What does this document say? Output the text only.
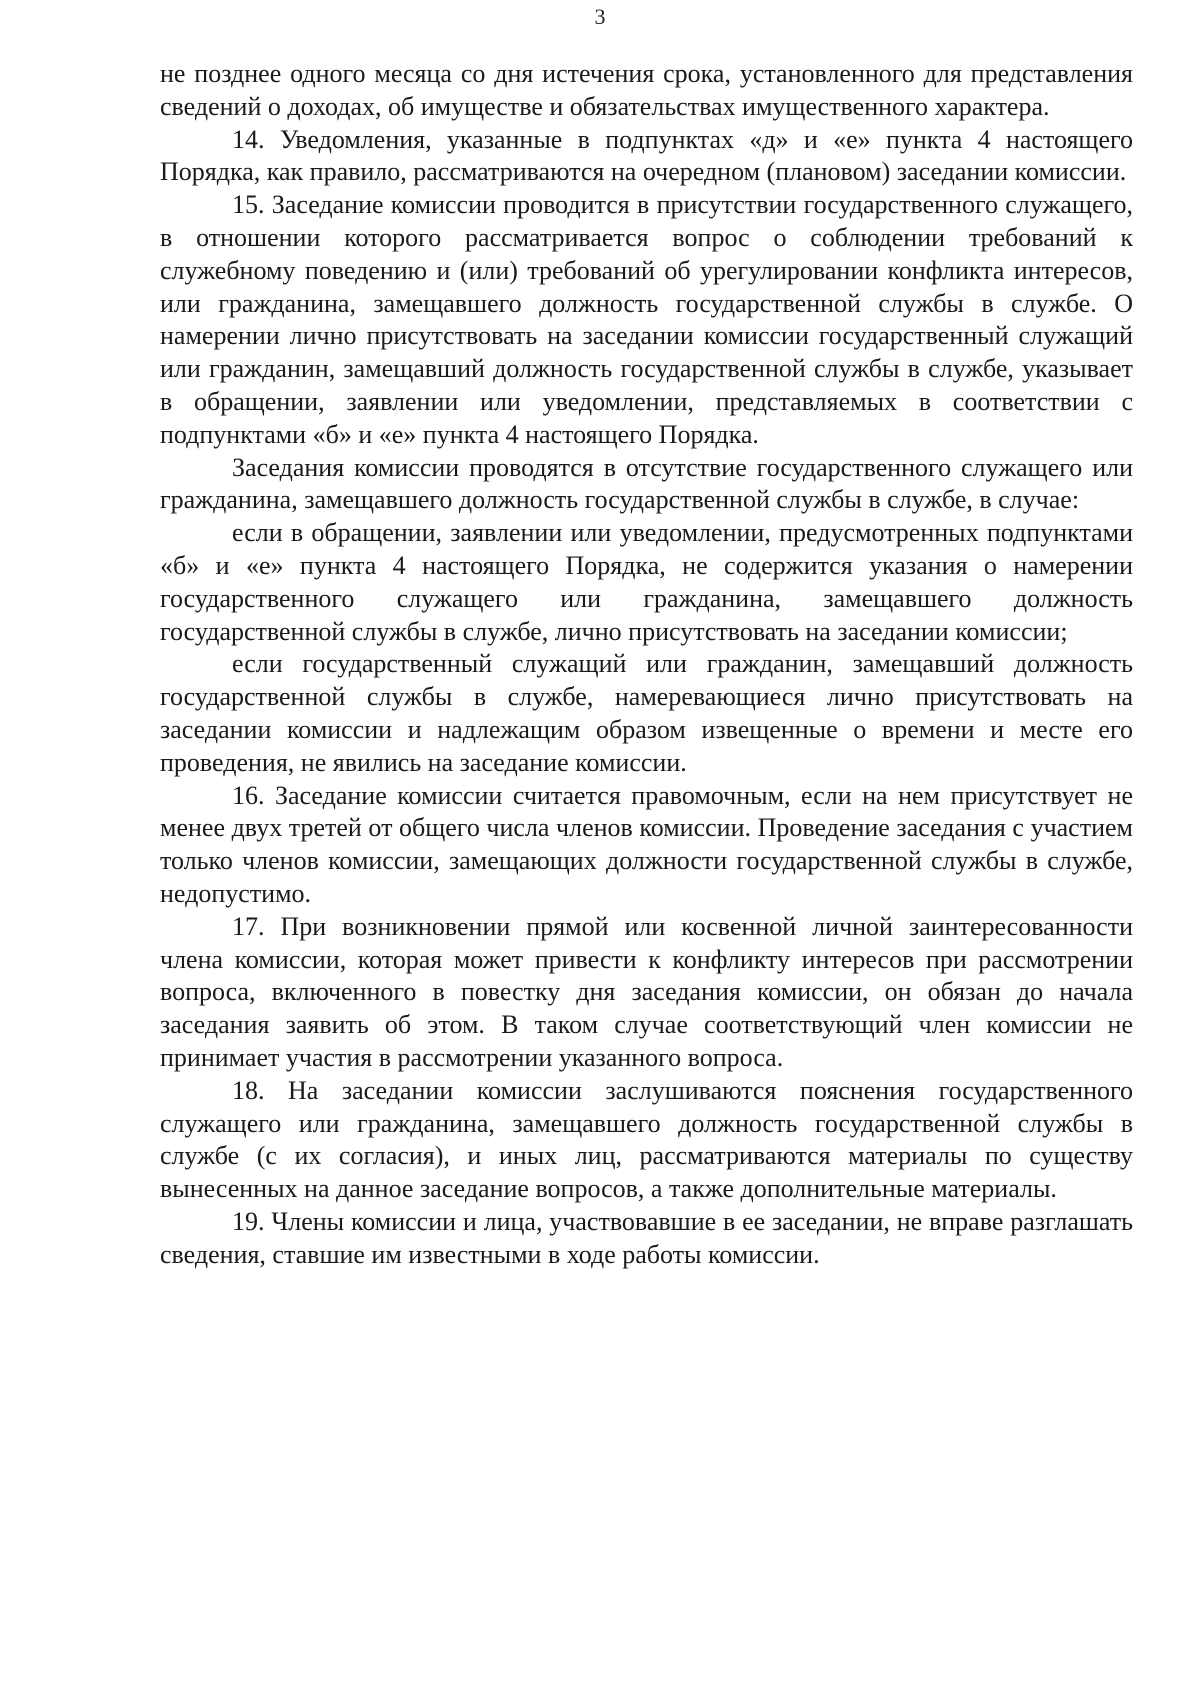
3

не позднее одного месяца со дня истечения срока, установленного для представления сведений о доходах, об имуществе и обязательствах имущественного характера.

14. Уведомления, указанные в подпунктах «д» и «е» пункта 4 настоящего Порядка, как правило, рассматриваются на очередном (плановом) заседании комиссии.

15. Заседание комиссии проводится в присутствии государственного служащего, в отношении которого рассматривается вопрос о соблюдении требований к служебному поведению и (или) требований об урегулировании конфликта интересов, или гражданина, замещавшего должность государственной службы в службе. О намерении лично присутствовать на заседании комиссии государственный служащий или гражданин, замещавший должность государственной службы в службе, указывает в обращении, заявлении или уведомлении, представляемых в соответствии с подпунктами «б» и «е» пункта 4 настоящего Порядка.

Заседания комиссии проводятся в отсутствие государственного служащего или гражданина, замещавшего должность государственной службы в службе, в случае:

если в обращении, заявлении или уведомлении, предусмотренных подпунктами «б» и «е» пункта 4 настоящего Порядка, не содержится указания о намерении государственного служащего или гражданина, замещавшего должность государственной службы в службе, лично присутствовать на заседании комиссии;

если государственный служащий или гражданин, замещавший должность государственной службы в службе, намеревающиеся лично присутствовать на заседании комиссии и надлежащим образом извещенные о времени и месте его проведения, не явились на заседание комиссии.

16. Заседание комиссии считается правомочным, если на нем присутствует не менее двух третей от общего числа членов комиссии. Проведение заседания с участием только членов комиссии, замещающих должности государственной службы в службе, недопустимо.

17. При возникновении прямой или косвенной личной заинтересованности члена комиссии, которая может привести к конфликту интересов при рассмотрении вопроса, включенного в повестку дня заседания комиссии, он обязан до начала заседания заявить об этом. В таком случае соответствующий член комиссии не принимает участия в рассмотрении указанного вопроса.

18. На заседании комиссии заслушиваются пояснения государственного служащего или гражданина, замещавшего должность государственной службы в службе (с их согласия), и иных лиц, рассматриваются материалы по существу вынесенных на данное заседание вопросов, а также дополнительные материалы.

19. Члены комиссии и лица, участвовавшие в ее заседании, не вправе разглашать сведения, ставшие им известными в ходе работы комиссии.
